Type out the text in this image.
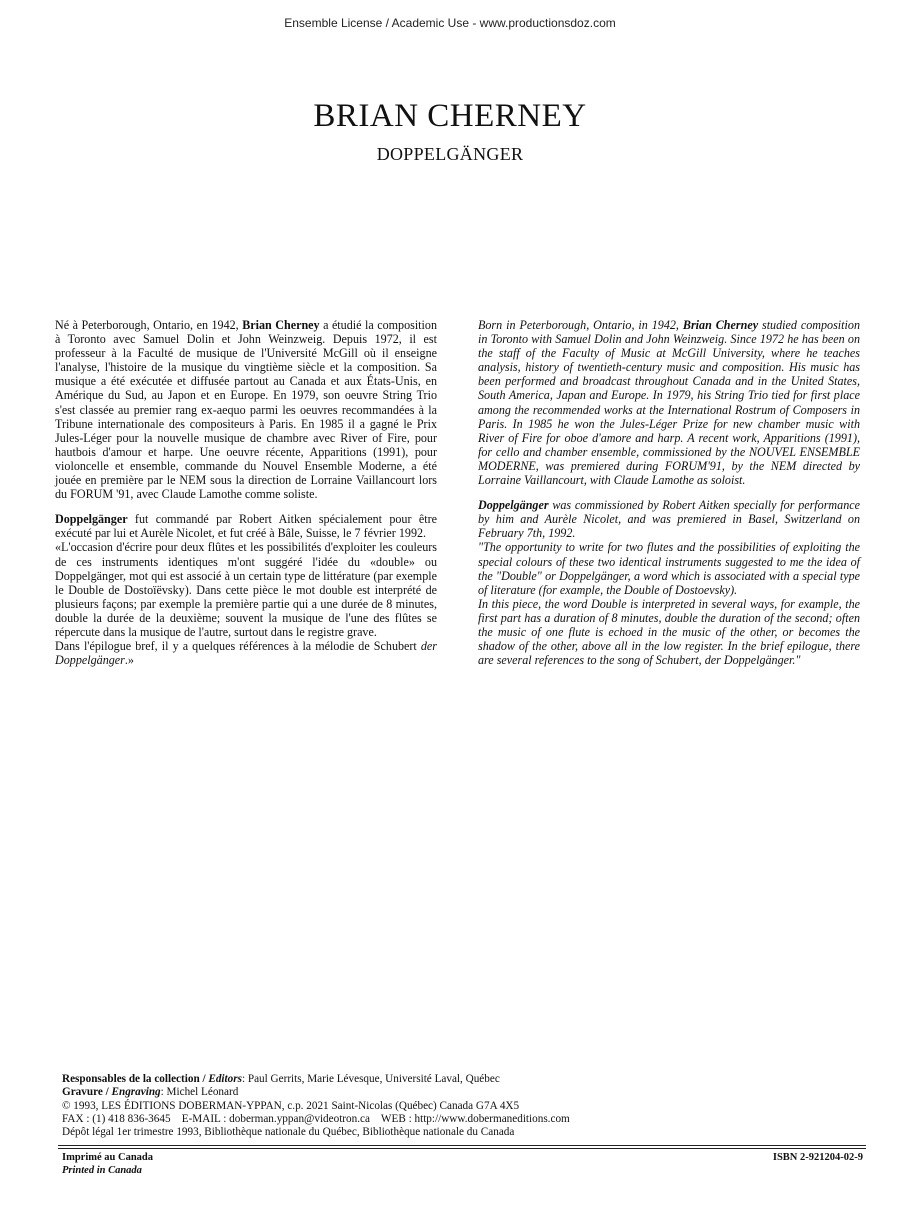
Ensemble License / Academic Use - www.productionsdoz.com
BRIAN CHERNEY
DOPPELGÄNGER

Né à Peterborough, Ontario, en 1942, Brian Cherney a étudié la composition à Toronto avec Samuel Dolin et John Weinzweig. Depuis 1972, il est professeur à la Faculté de musique de l'Université McGill où il enseigne l'analyse, l'histoire de la musique du vingtième siècle et la composition. Sa musique a été exécutée et diffusée partout au Canada et aux États-Unis, en Amérique du Sud, au Japon et en Europe. En 1979, son oeuvre String Trio s'est classée au premier rang ex-aequo parmi les oeuvres recommandées à la Tribune internationale des compositeurs à Paris. En 1985 il a gagné le Prix Jules-Léger pour la nouvelle musique de chambre avec River of Fire, pour hautbois d'amour et harpe. Une oeuvre récente, Apparitions (1991), pour violoncelle et ensemble, commande du Nouvel Ensemble Moderne, a été jouée en première par le NEM sous la direction de Lorraine Vaillancourt lors du FORUM '91, avec Claude Lamothe comme soliste.

Doppelgänger fut commandé par Robert Aitken spécialement pour être exécuté par lui et Aurèle Nicolet, et fut créé à Bâle, Suisse, le 7 février 1992.

«L'occasion d'écrire pour deux flûtes et les possibilités d'exploiter les couleurs de ces instruments identiques m'ont suggéré l'idée du «double» ou Doppelgänger, mot qui est associé à un certain type de littérature (par exemple le Double de Dostoïëvsky). Dans cette pièce le mot double est interprété de plusieurs façons; par exemple la première partie qui a une durée de 8 minutes, double la durée de la deuxième; souvent la musique de l'une des flûtes se répercute dans la musique de l'autre, surtout dans le registre grave.

Dans l'épilogue bref, il y a quelques références à la mélodie de Schubert der Doppelgänger.»

Born in Peterborough, Ontario, in 1942, Brian Cherney studied composition in Toronto with Samuel Dolin and John Weinzweig. Since 1972 he has been on the staff of the Faculty of Music at McGill University, where he teaches analysis, history of twentieth-century music and composition. His music has been performed and broadcast throughout Canada and in the United States, South America, Japan and Europe. In 1979, his String Trio tied for first place among the recommended works at the International Rostrum of Composers in Paris. In 1985 he won the Jules-Léger Prize for new chamber music with River of Fire for oboe d'amore and harp. A recent work, Apparitions (1991), for cello and chamber ensemble, commissioned by the NOUVEL ENSEMBLE MODERNE, was premiered during FORUM'91, by the NEM directed by Lorraine Vaillancourt, with Claude Lamothe as soloist.

Doppelgänger was commissioned by Robert Aitken specially for performance by him and Aurèle Nicolet, and was premiered in Basel, Switzerland on February 7th, 1992.

"The opportunity to write for two flutes and the possibilities of exploiting the special colours of these two identical instruments suggested to me the idea of the "Double" or Doppelgänger, a word which is associated with a special type of literature (for example, the Double of Dostoevsky).

In this piece, the word Double is interpreted in several ways, for example, the first part has a duration of 8 minutes, double the duration of the second; often the music of one flute is echoed in the music of the other, or becomes the shadow of the other, above all in the low register. In the brief epilogue, there are several references to the song of Schubert, der Doppelgänger."

Responsables de la collection / Editors: Paul Gerrits, Marie Lévesque, Université Laval, Québec
Gravure / Engraving: Michel Léonard
© 1993, LES ÉDITIONS DOBERMAN-YPPAN, c.p. 2021 Saint-Nicolas (Québec) Canada G7A 4X5
FAX : (1) 418 836-3645    E-MAIL : doberman.yppan@videotron.ca    WEB : http://www.dobermaneditions.com
Dépôt légal 1er trimestre 1993, Bibliothèque nationale du Québec, Bibliothèque nationale du Canada
Imprimé au Canada
Printed in Canada
ISBN 2-921204-02-9
